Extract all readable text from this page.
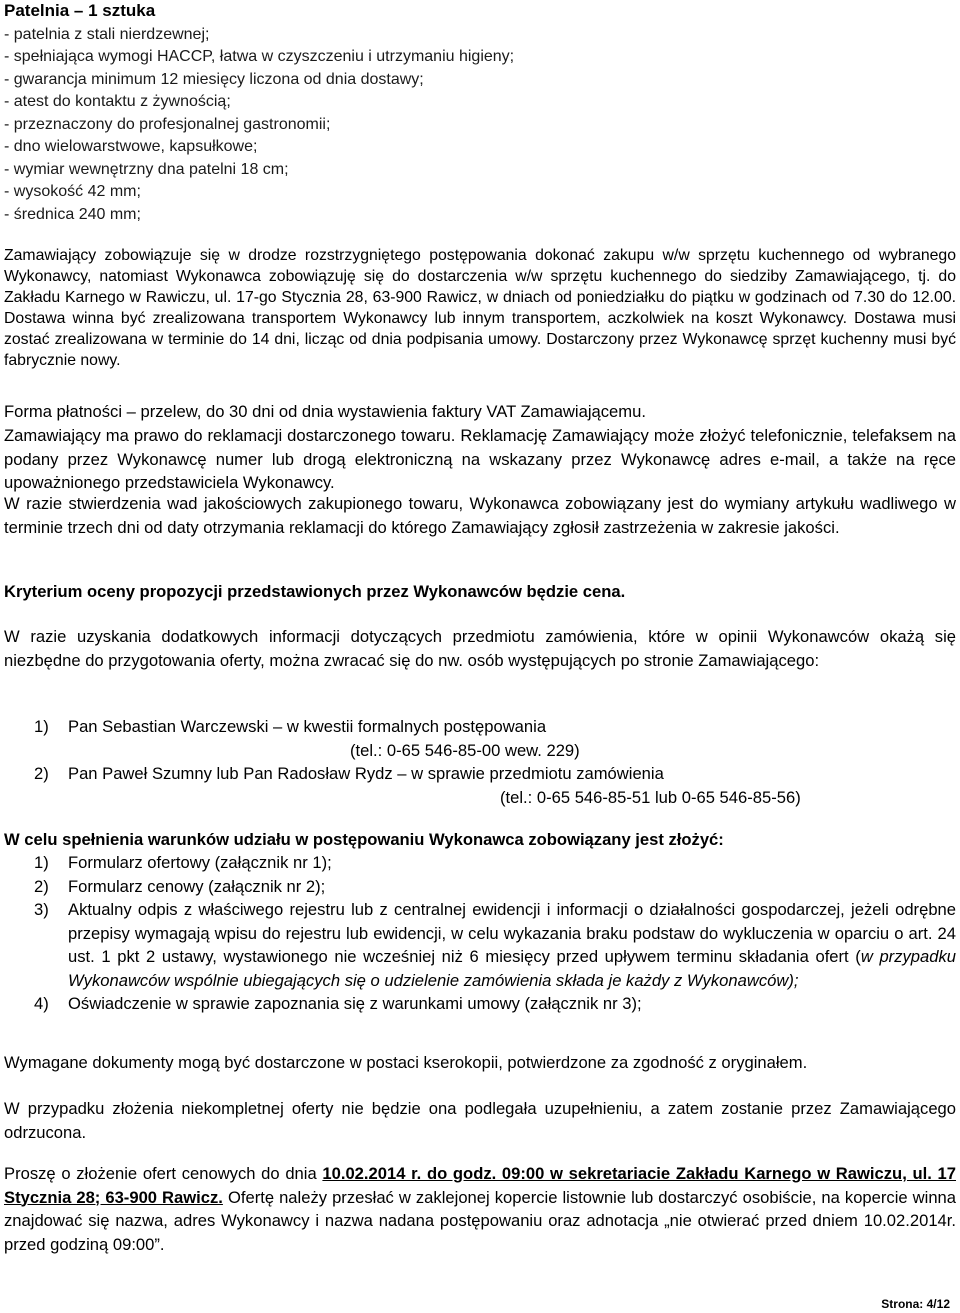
Patelnia – 1 sztuka
- patelnia z stali nierdzewnej;
- spełniająca wymogi HACCP, łatwa w czyszczeniu i utrzymaniu higieny;
- gwarancja minimum 12 miesięcy liczona od dnia dostawy;
- atest do kontaktu z żywnością;
- przeznaczony do profesjonalnej gastronomii;
- dno wielowarstwowe, kapsułkowe;
- wymiar wewnętrzny dna patelni 18 cm;
- wysokość 42 mm;
- średnica 240 mm;

Zamawiający zobowiązuje się w drodze rozstrzygniętego postępowania dokonać zakupu w/w sprzętu kuchennego od wybranego Wykonawcy, natomiast Wykonawca zobowiązuję się do dostarczenia w/w sprzętu kuchennego do siedziby Zamawiającego, tj. do Zakładu Karnego w Rawiczu, ul. 17-go Stycznia 28, 63-900 Rawicz, w dniach od poniedziałku do piątku w godzinach od 7.30 do 12.00. Dostawa winna być zrealizowana transportem Wykonawcy lub innym transportem, aczkolwiek na koszt Wykonawcy. Dostawa musi zostać zrealizowana w terminie do 14 dni, licząc od dnia podpisania umowy. Dostarczony przez Wykonawcę sprzęt kuchenny musi być fabrycznie nowy.

Forma płatności – przelew, do 30 dni od dnia wystawienia faktury VAT Zamawiającemu.

Zamawiający ma prawo do reklamacji dostarczonego towaru. Reklamację Zamawiający może złożyć telefonicznie, telefaksem na podany przez Wykonawcę numer lub drogą elektroniczną na wskazany przez Wykonawcę adres e-mail, a także na ręce upoważnionego przedstawiciela Wykonawcy.

W razie stwierdzenia wad jakościowych zakupionego towaru, Wykonawca zobowiązany jest do wymiany artykułu wadliwego w terminie trzech dni od daty otrzymania reklamacji do którego Zamawiający zgłosił zastrzeżenia w zakresie jakości.

Kryterium oceny propozycji przedstawionych przez Wykonawców będzie cena.

W razie uzyskania dodatkowych informacji dotyczących przedmiotu zamówienia, które w opinii Wykonawców okażą się niezbędne do przygotowania oferty, można zwracać się do nw. osób występujących po stronie Zamawiającego:

1) Pan Sebastian Warczewski – w kwestii formalnych postępowania
(tel.: 0-65 546-85-00 wew. 229)
2) Pan Paweł Szumny lub Pan Radosław Rydz – w sprawie przedmiotu zamówienia
(tel.: 0-65 546-85-51 lub 0-65 546-85-56)
W celu spełnienia warunków udziału w postępowaniu Wykonawca zobowiązany jest złożyć:
1) Formularz ofertowy (załącznik nr 1);
2) Formularz cenowy (załącznik nr 2);
3) Aktualny odpis z właściwego rejestru lub z centralnej ewidencji i informacji o działalności gospodarczej, jeżeli odrębne przepisy wymagają wpisu do rejestru lub ewidencji, w celu wykazania braku podstaw do wykluczenia w oparciu o art. 24 ust. 1 pkt 2 ustawy, wystawionego nie wcześniej niż 6 miesięcy przed upływem terminu składania ofert (w przypadku Wykonawców wspólnie ubiegających się o udzielenie zamówienia składa je każdy z Wykonawców);
4) Oświadczenie w sprawie zapoznania się z warunkami umowy (załącznik nr 3);
Wymagane dokumenty mogą być dostarczone w postaci kserokopii, potwierdzone za zgodność z oryginałem.

W przypadku złożenia niekompletnej oferty nie będzie ona podlegała uzupełnieniu, a zatem zostanie przez Zamawiającego odrzucona.

Proszę o złożenie ofert cenowych do dnia 10.02.2014 r. do godz. 09:00 w sekretariacie Zakładu Karnego w Rawiczu, ul. 17 Stycznia 28; 63-900 Rawicz. Ofertę należy przesłać w zaklejonej kopercie listownie lub dostarczyć osobiście, na kopercie winna znajdować się nazwa, adres Wykonawcy i nazwa nadana postępowaniu oraz adnotacja „nie otwierać przed dniem 10.02.2014r. przed godziną 09:00”.

Strona: 4/12
